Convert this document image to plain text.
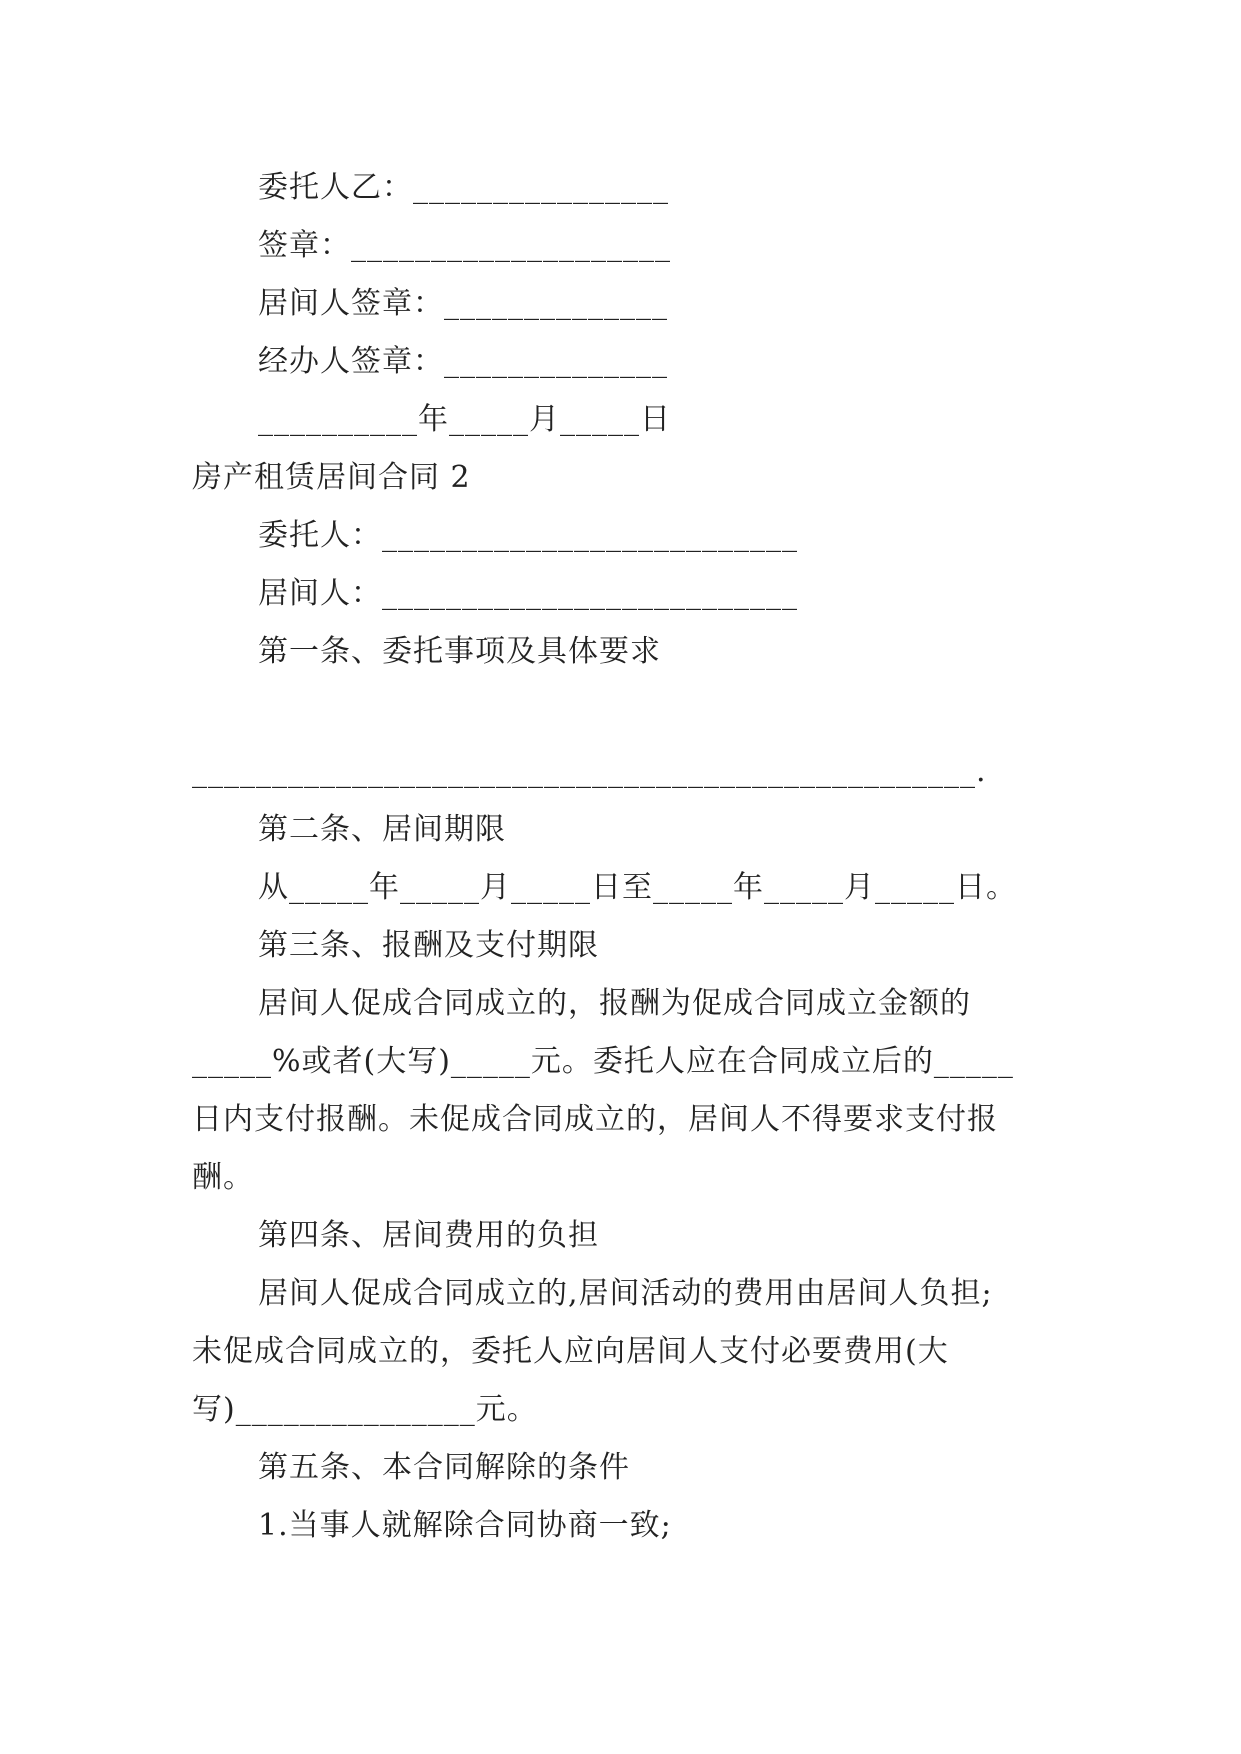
委托人乙：________________
签章：____________________
居间人签章：______________
经办人签章：______________
__________年_____月_____日
房产租赁居间合同 2
委托人：__________________________
居间人：__________________________
第一条、委托事项及具体要求
_________________________________________________.
第二条、居间期限
从_____年_____月_____日至_____年_____月_____日。
第三条、报酬及支付期限
居间人促成合同成立的，报酬为促成合同成立金额的
_____%或者(大写)_____元。委托人应在合同成立后的_____
日内支付报酬。未促成合同成立的，居间人不得要求支付报
酬。
第四条、居间费用的负担
居间人促成合同成立的,居间活动的费用由居间人负担;
未促成合同成立的，委托人应向居间人支付必要费用(大
写)_______________元。
第五条、本合同解除的条件
1.当事人就解除合同协商一致;
